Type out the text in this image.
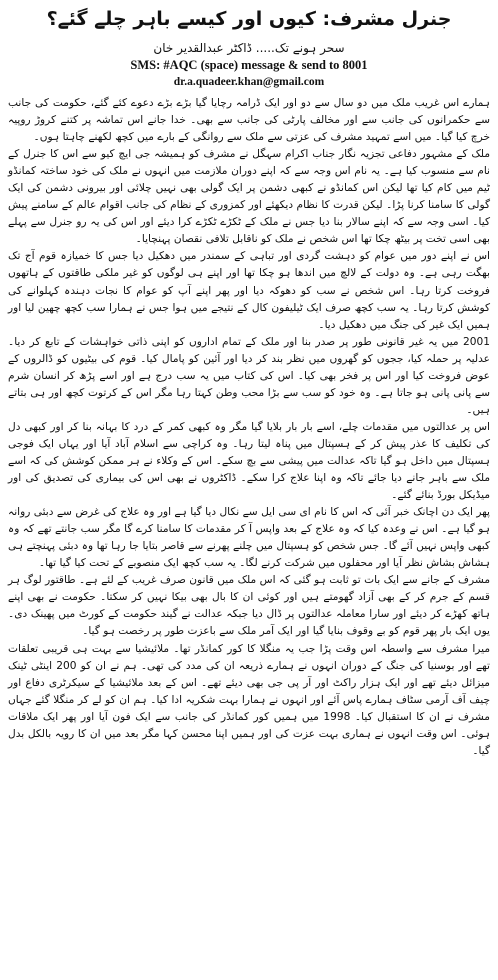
جنرل مشرف: کیوں اور کیسے باہر چلے گئے؟
سحر ہونے تک..... ڈاکٹر عبدالقدیر خان
SMS: #AQC (space) message & send to 8001
dr.a.quadeer.khan@gmail.com

ہمارے اس غریب ملک میں دو سال سے دو اور ایک ڈرامہ رچایا گیا بڑے بڑے دعوے کئے گئے، حکومت کی جانب سے حکمرانوں کی جانب سے اور مخالف پارٹی کی جانب سے بھی۔ خدا جانے اس تماشہ پر کتنے کروڑ روپیہ خرچ کیا گیا۔ میں اسے تمہید مشرف کی عزتی سے ملک سے روانگی کے بارے میں کچھ لکھنے چاہتا ہوں۔

ملک کے مشہور دفاعی تجزیہ نگار جناب اکرام سہگل نے مشرف کو ہمیشہ جی ایچ کیو سے اس کا جنرل کے نام سے منسوب کیا ہے۔ یہ نام اس وجہ سے کہ اپنے دوران ملازمت میں انہوں نے ملک کی خود ساختہ کمانڈو ٹیم میں کام کیا تھا لیکن اس کمانڈو نے کبھی دشمن پر ایک گولی بھی نہیں چلائی اور بیرونی دشمن کی ایک گولی کا سامنا کرنا پڑا۔ لیکن قدرت کا نظام دیکھئے اور کمزوری کے نظام کی جانب اقوام عالم کے سامنے پیش کیا۔ اسی وجہ سے کہ اپنے سالار بنا دیا جس نے ملک کے ٹکڑے ٹکڑے کرا دیئے اور اس کی یہ رو جنرل سے پہلے بھی اسی تخت پر بیٹھ چکا تھا اس شخص نے ملک کو ناقابل تلافی نقصان پہنچایا۔

اس نے اپنے دور میں عوام کو دہشت گردی اور تباہی کے سمندر میں دھکیل دیا جس کا خمیازہ قوم آج تک بھگت رہی ہے۔ وہ دولت کے لالچ میں اندھا ہو چکا تھا اور اپنے ہی لوگوں کو غیر ملکی طاقتوں کے ہاتھوں فروخت کرتا رہا۔ اس شخص نے سب کو دھوکہ دیا اور پھر اپنے آپ کو عوام کا نجات دہندہ کہلوانے کی کوشش کرتا رہا۔ یہ سب کچھ صرف ایک ٹیلیفون کال کے نتیجے میں ہوا جس نے ہمارا سب کچھ چھین لیا اور ہمیں ایک غیر کی جنگ میں دھکیل دیا۔

2001 میں یہ غیر قانونی طور پر صدر بنا اور ملک کے تمام اداروں کو اپنی ذاتی خواہشات کے تابع کر دیا۔ عدلیہ پر حملہ کیا، ججوں کو گھروں میں نظر بند کر دیا اور آئین کو پامال کیا۔ قوم کی بیٹیوں کو ڈالروں کے عوض فروخت کیا اور اس پر فخر بھی کیا۔ اس کی کتاب میں یہ سب درج ہے اور اسے پڑھ کر انسان شرم سے پانی پانی ہو جاتا ہے۔ وہ خود کو سب سے بڑا محب وطن کہتا رہا مگر اس کے کرتوت کچھ اور ہی بتاتے ہیں۔

اس پر عدالتوں میں مقدمات چلے، اسے بار بار بلایا گیا مگر وہ کبھی کمر کے درد کا بہانہ بنا کر اور کبھی دل کی تکلیف کا عذر پیش کر کے ہسپتال میں پناہ لیتا رہا۔ وہ کراچی سے اسلام آباد آیا اور یہاں ایک فوجی ہسپتال میں داخل ہو گیا تاکہ عدالت میں پیشی سے بچ سکے۔ اس کے وکلاء نے ہر ممکن کوشش کی کہ اسے ملک سے باہر جانے دیا جائے تاکہ وہ اپنا علاج کرا سکے۔ ڈاکٹروں نے بھی اس کی بیماری کی تصدیق کی اور میڈیکل بورڈ بنائے گئے۔

پھر ایک دن اچانک خبر آئی کہ اس کا نام ای سی ایل سے نکال دیا گیا ہے اور وہ علاج کی غرض سے دبئی روانہ ہو گیا ہے۔ اس نے وعدہ کیا کہ وہ علاج کے بعد واپس آ کر مقدمات کا سامنا کرے گا مگر سب جانتے تھے کہ وہ کبھی واپس نہیں آئے گا۔ جس شخص کو ہسپتال میں چلنے پھرنے سے قاصر بتایا جا رہا تھا وہ دبئی پہنچتے ہی ہشاش بشاش نظر آیا اور محفلوں میں شرکت کرنے لگا۔ یہ سب کچھ ایک منصوبے کے تحت کیا گیا تھا۔

مشرف کے جانے سے ایک بات تو ثابت ہو گئی کہ اس ملک میں قانون صرف غریب کے لئے ہے۔ طاقتور لوگ ہر قسم کے جرم کر کے بھی آزاد گھومتے ہیں اور کوئی ان کا بال بھی بیکا نہیں کر سکتا۔ حکومت نے بھی اپنے ہاتھ کھڑے کر دیئے اور سارا معاملہ عدالتوں پر ڈال دیا جبکہ عدالت نے گیند حکومت کے کورٹ میں پھینک دی۔ یوں ایک بار پھر قوم کو بے وقوف بنایا گیا اور ایک آمر ملک سے باعزت طور پر رخصت ہو گیا۔

میرا مشرف سے واسطہ اس وقت پڑا جب یہ منگلا کا کور کمانڈر تھا۔ ملائیشیا سے بہت ہی قریبی تعلقات تھے اور بوسنیا کی جنگ کے دوران انہوں نے ہمارے ذریعہ ان کی مدد کی تھی۔ ہم نے ان کو 200 اینٹی ٹینک میزائل دیئے تھے اور ایک ہزار راکٹ اور آر پی جی بھی دیئے تھے۔ اس کے بعد ملائیشیا کے سیکرٹری دفاع اور چیف آف آرمی سٹاف ہمارے پاس آئے اور انہوں نے ہمارا بہت شکریہ ادا کیا۔ ہم ان کو لے کر منگلا گئے جہاں مشرف نے ان کا استقبال کیا۔ 1998 میں ہمیں کور کمانڈر کی جانب سے ایک فون آیا اور پھر ایک ملاقات ہوئی۔ اس وقت انہوں نے ہماری بہت عزت کی اور ہمیں اپنا محسن کہا مگر بعد میں ان کا رویہ بالکل بدل گیا۔
